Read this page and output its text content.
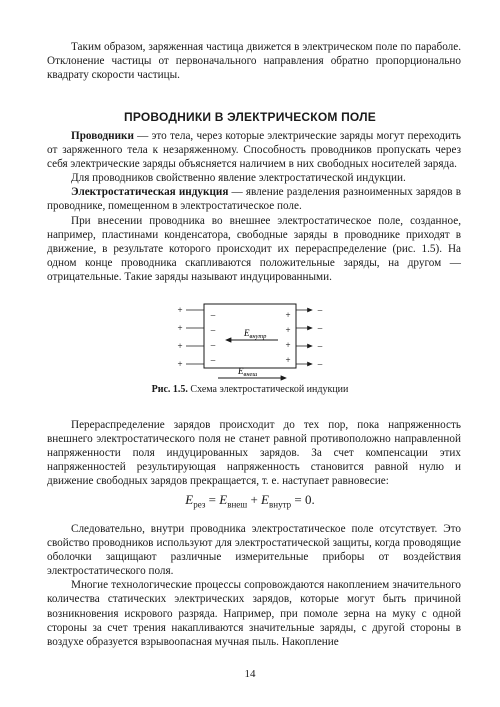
Таким образом, заряженная частица движется в электрическом поле по параболе. Отклонение частицы от первоначального направления обратно пропорционально квадрату скорости частицы.

ПРОВОДНИКИ В ЭЛЕКТРИЧЕСКОМ ПОЛЕ

Проводники — это тела, через которые электрические заряды могут переходить от заряженного тела к незаряженному. Способность проводников пропускать через себя электрические заряды объясняется наличием в них свободных носителей заряда.

Для проводников свойственно явление электростатической индукции.

Электростатическая индукция — явление разделения разноименных зарядов в проводнике, помещенном в электростатическое поле.

При внесении проводника во внешнее электростатическое поле, созданное, например, пластинами конденсатора, свободные заряды в проводнике приходят в движение, в результате которого происходит их перераспределение (рис. 1.5). На одном конце проводника скапливаются положительные заряды, на другом — отрицательные. Такие заряды называют индуцированными.

$E_{внутр}$
$E_{внеш}$
+
+
+
+
–
–
–
–
–
–
–
–
+
+
+
+
Рис. 1.5. Схема электростатической индукции

Перераспределение зарядов происходит до тех пор, пока напряженность внешнего электростатического поля не станет равной противоположно направленной напряженности поля индуцированных зарядов. За счет компенсации этих напряженностей результирующая напряженность становится равной нулю и движение свободных зарядов прекращается, т. е. наступает равновесие:

$E_{рез} = E_{внеш} + E_{внутр} = 0$.

Следовательно, внутри проводника электростатическое поле отсутствует. Это свойство проводников используют для электростатической защиты, когда проводящие оболочки защищают различные измерительные приборы от воздействия электростатического поля.

Многие технологические процессы сопровождаются накоплением значительного количества статических электрических зарядов, которые могут быть причиной возникновения искрового разряда. Например, при помоле зерна на муку с одной стороны за счет трения накапливаются значительные заряды, с другой стороны в воздухе образуется взрывоопасная мучная пыль. Накопление

14
